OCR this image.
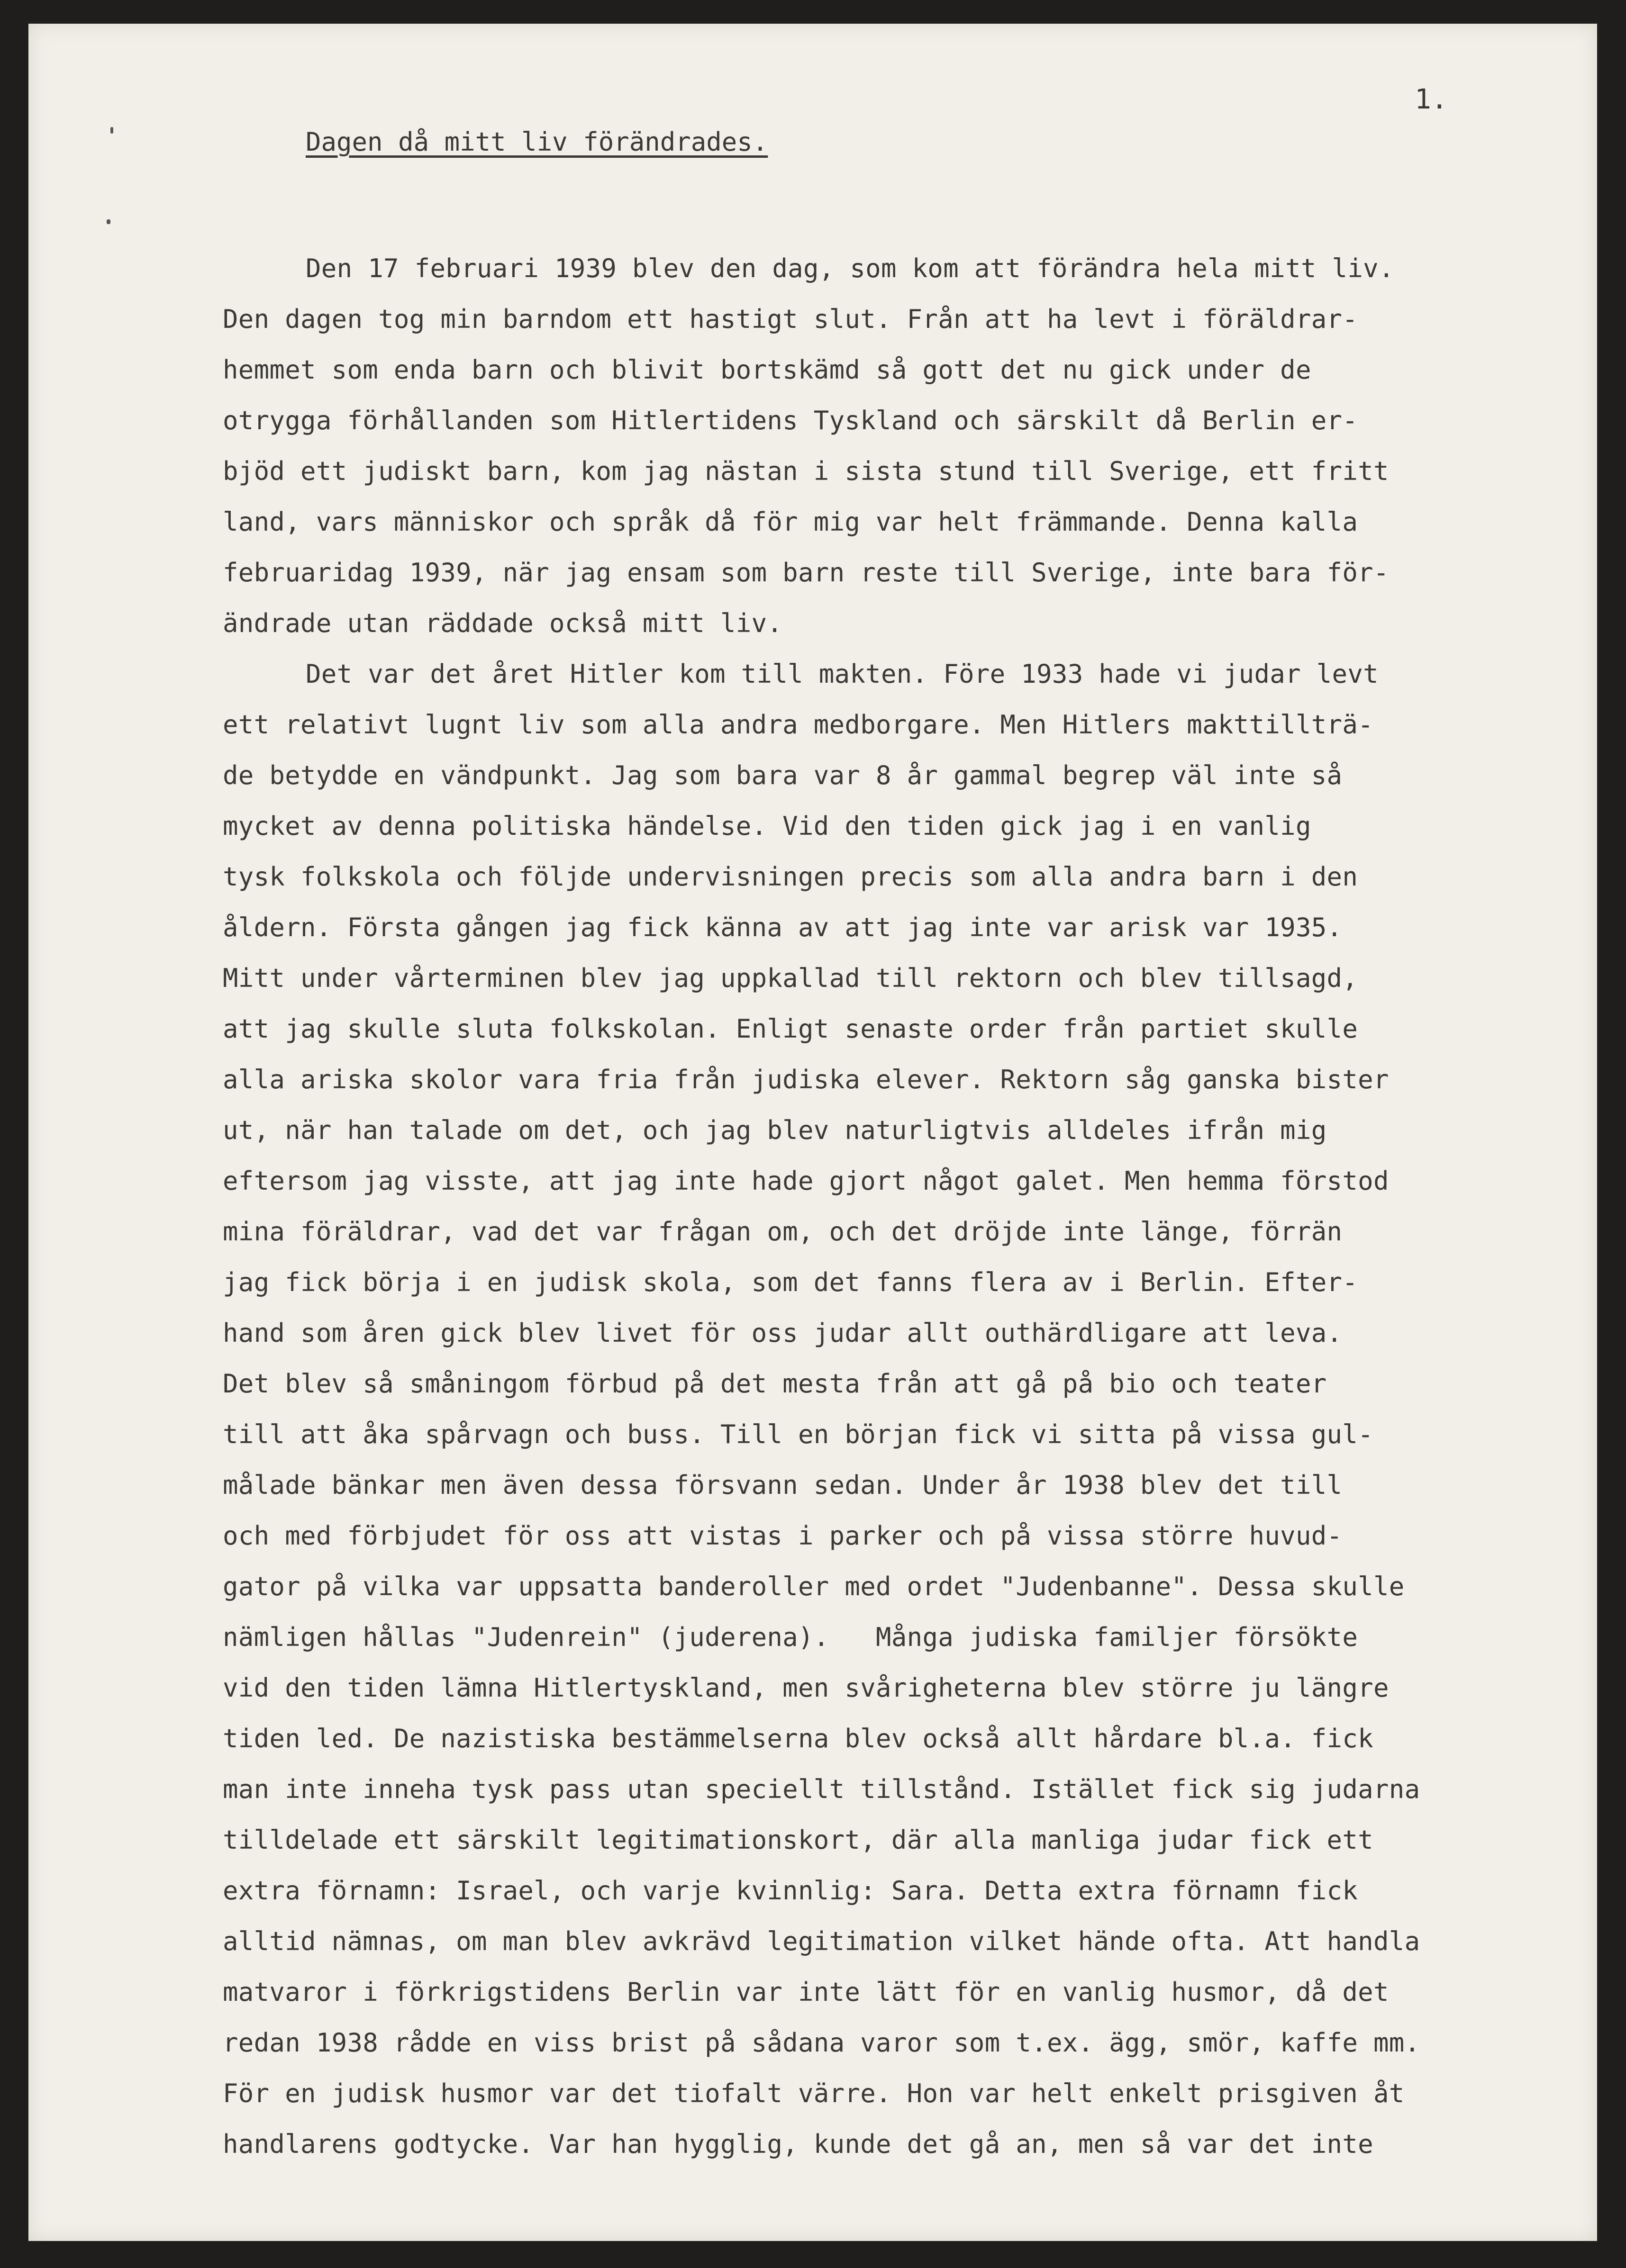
1.
Dagen då mitt liv förändrades.
Den 17 februari 1939 blev den dag, som kom att förändra hela mitt liv.
Den dagen tog min barndom ett hastigt slut. Från att ha levt i föräldrar-
hemmet som enda barn och blivit bortskämd så gott det nu gick under de
otrygga förhållanden som Hitlertidens Tyskland och särskilt då Berlin er-
bjöd ett judiskt barn, kom jag nästan i sista stund till Sverige, ett fritt
land, vars människor och språk då för mig var helt främmande. Denna kalla
februaridag 1939, när jag ensam som barn reste till Sverige, inte bara för-
ändrade utan räddade också mitt liv.
Det var det året Hitler kom till makten. Före 1933 hade vi judar levt
ett relativt lugnt liv som alla andra medborgare. Men Hitlers makttillträ-
de betydde en vändpunkt. Jag som bara var 8 år gammal begrep väl inte så
mycket av denna politiska händelse. Vid den tiden gick jag i en vanlig
tysk folkskola och följde undervisningen precis som alla andra barn i den
åldern. Första gången jag fick känna av att jag inte var arisk var 1935.
Mitt under vårterminen blev jag uppkallad till rektorn och blev tillsagd,
att jag skulle sluta folkskolan. Enligt senaste order från partiet skulle
alla ariska skolor vara fria från judiska elever. Rektorn såg ganska bister
ut, när han talade om det, och jag blev naturligtvis alldeles ifrån mig
eftersom jag visste, att jag inte hade gjort något galet. Men hemma förstod
mina föräldrar, vad det var frågan om, och det dröjde inte länge, förrän
jag fick börja i en judisk skola, som det fanns flera av i Berlin. Efter-
hand som åren gick blev livet för oss judar allt outhärdligare att leva.
Det blev så småningom förbud på det mesta från att gå på bio och teater
till att åka spårvagn och buss. Till en början fick vi sitta på vissa gul-
målade bänkar men även dessa försvann sedan. Under år 1938 blev det till
och med förbjudet för oss att vistas i parker och på vissa större huvud-
gator på vilka var uppsatta banderoller med ordet "Judenbanne". Dessa skulle
nämligen hållas "Judenrein" (juderena).   Många judiska familjer försökte
vid den tiden lämna Hitlertyskland, men svårigheterna blev större ju längre
tiden led. De nazistiska bestämmelserna blev också allt hårdare bl.a. fick
man inte inneha tysk pass utan speciellt tillstånd. Istället fick sig judarna
tilldelade ett särskilt legitimationskort, där alla manliga judar fick ett
extra förnamn: Israel, och varje kvinnlig: Sara. Detta extra förnamn fick
alltid nämnas, om man blev avkrävd legitimation vilket hände ofta. Att handla
matvaror i förkrigstidens Berlin var inte lätt för en vanlig husmor, då det
redan 1938 rådde en viss brist på sådana varor som t.ex. ägg, smör, kaffe mm.
För en judisk husmor var det tiofalt värre. Hon var helt enkelt prisgiven åt
handlarens godtycke. Var han hygglig, kunde det gå an, men så var det inte
